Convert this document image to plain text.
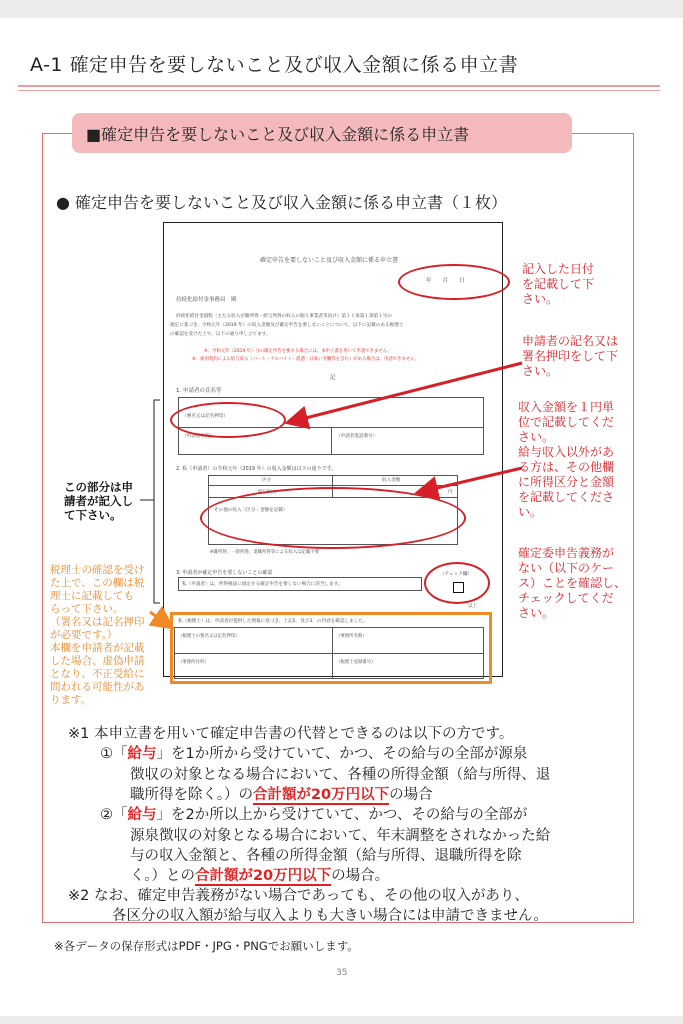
A-1 確定申告を要しないこと及び収入金額に係る申立書
■確定申告を要しないこと及び収入金額に係る申立書
● 確定申告を要しないこと及び収入金額に係る申立書（１枚）
確定申告を要しないこと及び収入金額に係る申立書
年　　月　　日
持続化給付金事務局　殿
持続化給付金規程（主たる収入が雑所得・給与所得の収入の個人事業者等向け）第１１条第１項第１号の
規定に基づき、令和元年（2019 年）の収入金額及び確定申告を要しないことについて、以下に記載のある税理士
の確認を受けた上で、以下の通り申し立てます。
※：令和元年（2019 年）分の確定申告を要する場合には、本申立書を用いて申請できません。
※：雇用契約による給与収入（パート・アルバイト・派遣・日雇い労働等を含む）がある場合は、申請できません。
記
1. 申請者の氏名等
（署名又は記名押印）
（申請者住所）	（申請者電話番号）
2. 私（申請者）の令和元年（2019 年）の収入金額は以下の通りです。
区分	収入金額
給与収入	円
その他の収入（区分・金額を記載）
※雑所得、一時所得、退職所得等による収入は記載不要
3. 申請者が確定申告を要しないことの確認
私（申請者）は、所得税法に規定する確定申告を要しない場合に該当します。
（チェック欄）
以上
私（税理士）は、申請者が提供した情報に基づき、上記2．及び3．の内容を確認しました。
（税理士の署名又は記名押印）	（事務所名称）
（事務所住所）	（税理士登録番号）
記入した日付
を記載して下
さい。
申請者の記名又は
署名押印をして下
さい。
収入金額を１円単
位で記載してくだ
さい。
給与収入以外があ
る方は、その他欄
に所得区分と金額
を記載してくださ
い。
確定委申告義務が
ない（以下のケー
ス）ことを確認し、
チェックしてくだ
さい。
この部分は申
請者が記入し
て下さい。
税理士の確認を受け
た上で、この欄は税
理士に記載しても
らって下さい。
（署名又は記名押印
が必要です。）
本欄を申請者が記載
した場合、虚偽申請
となり、不正受給に
問われる可能性があ
ります。
※1 本申立書を用いて確定申告書の代替とできるのは以下の方です。
①「給与」を1か所から受けていて、かつ、その給与の全部が源泉
徴収の対象となる場合において、各種の所得金額（給与所得、退
職所得を除く。）の合計額が20万円以下の場合
②「給与」を2か所以上から受けていて、かつ、その給与の全部が
源泉徴収の対象となる場合において、年末調整をされなかった給
与の収入金額と、各種の所得金額（給与所得、退職所得を除
く。）との合計額が20万円以下の場合。
※2 なお、確定申告義務がない場合であっても、その他の収入があり、
各区分の収入額が給与収入よりも大きい場合には申請できません。
※各データの保存形式はPDF・JPG・PNGでお願いします。
35
